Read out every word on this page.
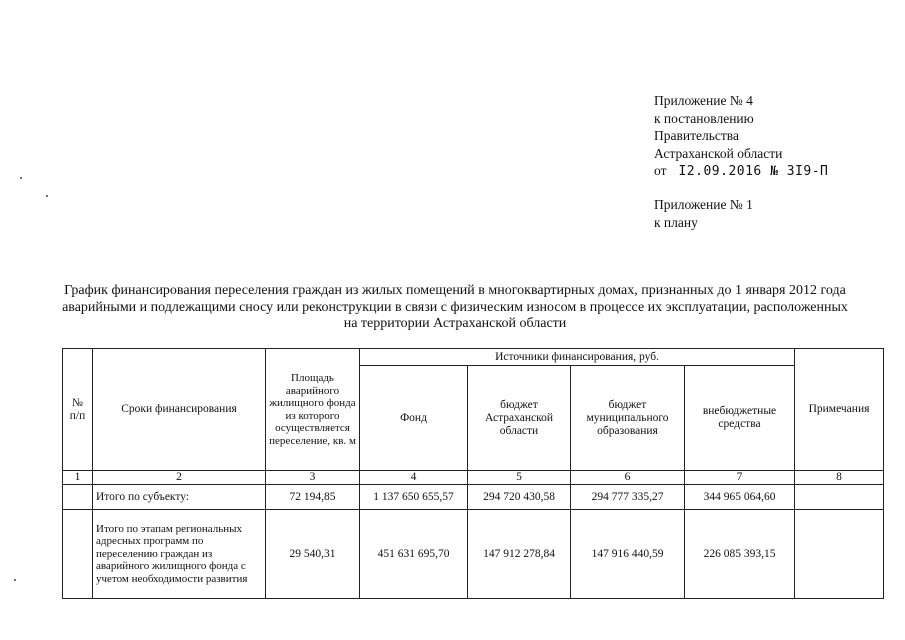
Приложение № 4
к постановлению
Правительства
Астраханской области
от I2.09.2016 № 3I9-П
Приложение № 1
к плану
График финансирования переселения граждан из жилых помещений в многоквартирных домах, признанных до 1 января 2012 года аварийными и подлежащими сносу или реконструкции в связи с физическим износом в процессе их эксплуатации, расположенных на территории Астраханской области
№ п/п	Сроки финансирования	Площадь аварийного жилищного фонда из которого осуществляется переселение, кв. м	Источники финансирования, руб.				Примечания
			Фонд	бюджет Астраханской области	бюджет муниципального образования	внебюджетные средства	
1	2	3	4	5	6	7	8
	Итого по субъекту:	72 194,85	1 137 650 655,57	294 720 430,58	294 777 335,27	344 965 064,60	
	Итого по этапам региональных адресных программ по переселению граждан из аварийного жилищного фонда с учетом необходимости развития	29 540,31	451 631 695,70	147 912 278,84	147 916 440,59	226 085 393,15	
